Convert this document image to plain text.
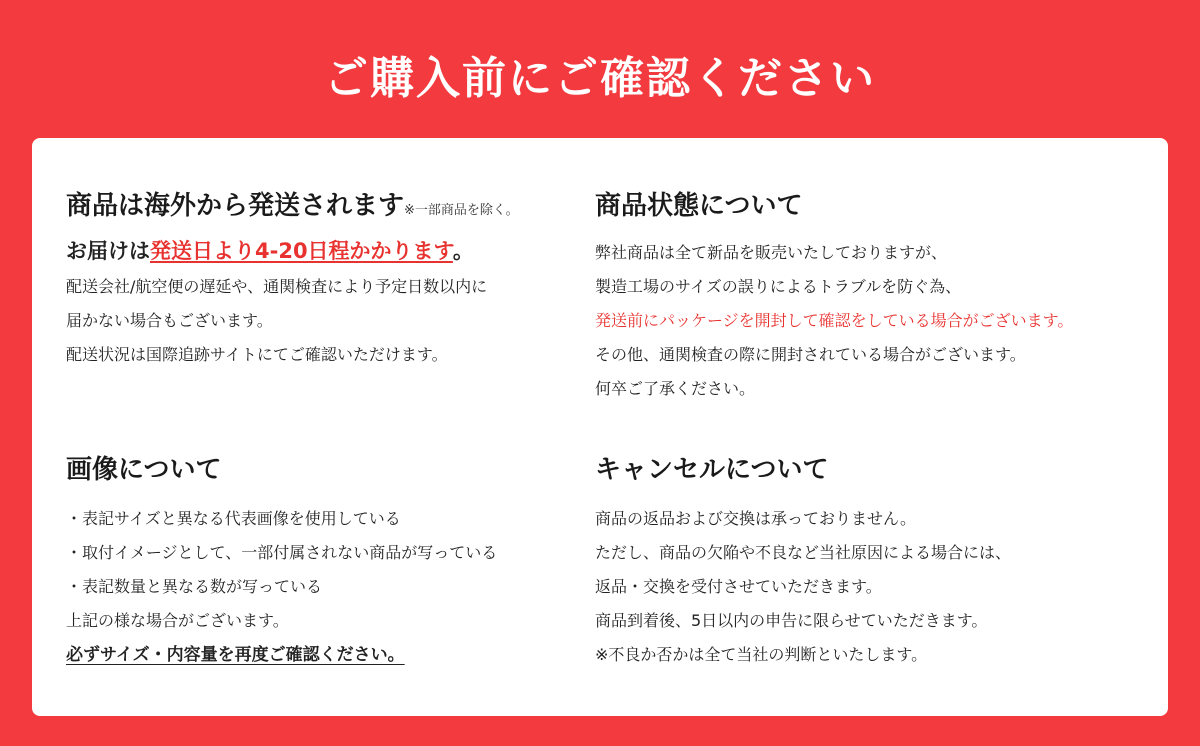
ご購入前にご確認ください
商品は海外から発送されます※一部商品を除く。
お届けは発送日より4-20日程かかります。
配送会社/航空便の遅延や、通関検査により予定日数以内に
届かない場合もございます。
配送状況は国際追跡サイトにてご確認いただけます。
商品状態について
弊社商品は全て新品を販売いたしておりますが、
製造工場のサイズの誤りによるトラブルを防ぐ為、
発送前にパッケージを開封して確認をしている場合がございます。
その他、通関検査の際に開封されている場合がございます。
何卒ご了承ください。
画像について
・表記サイズと異なる代表画像を使用している
・取付イメージとして、一部付属されない商品が写っている
・表記数量と異なる数が写っている
上記の様な場合がございます。
必ずサイズ・内容量を再度ご確認ください。
キャンセルについて
商品の返品および交換は承っておりません。
ただし、商品の欠陥や不良など当社原因による場合には、
返品・交換を受付させていただきます。
商品到着後、5日以内の申告に限らせていただきます。
※不良か否かは全て当社の判断といたします。
